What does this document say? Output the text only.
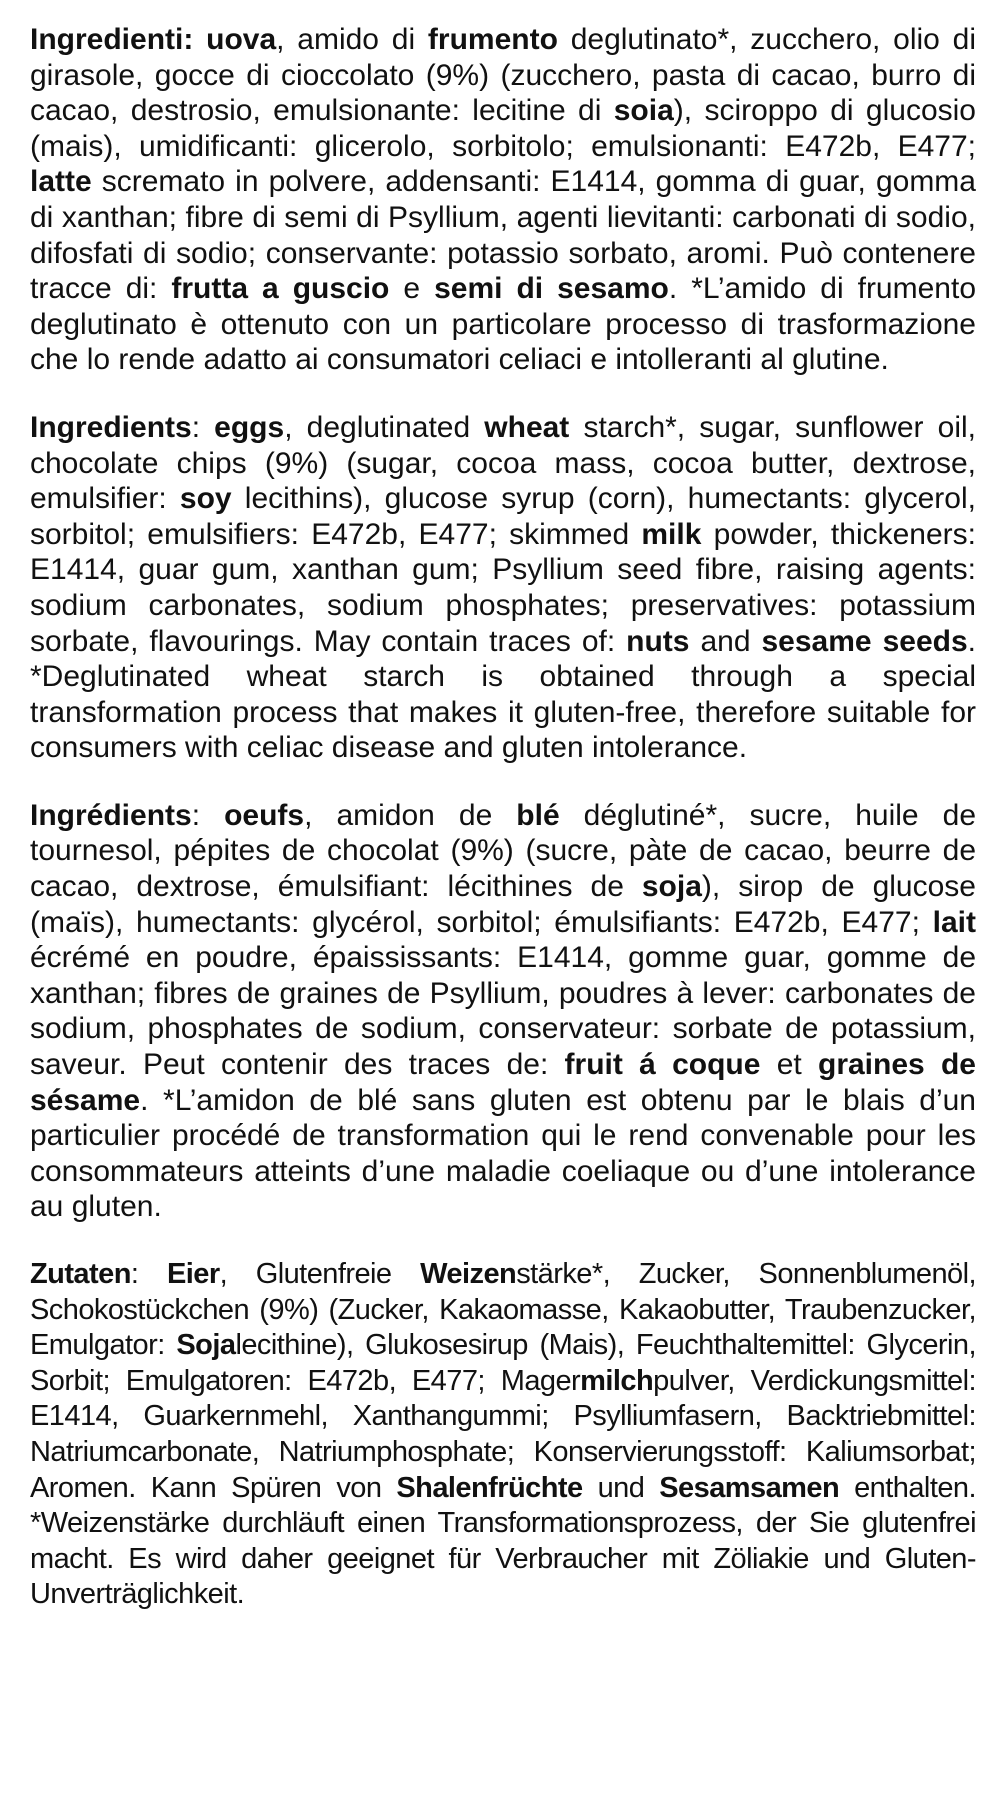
Ingredienti: uova, amido di frumento deglutinato*, zucchero, olio di girasole, gocce di cioccolato (9%) (zucchero, pasta di cacao, burro di cacao, destrosio, emulsionante: lecitine di soia), sciroppo di glucosio (mais), umidificanti: glicerolo, sorbitolo; emulsionanti: E472b, E477; latte scremato in polvere, addensanti: E1414, gomma di guar, gomma di xanthan; fibre di semi di Psyllium, agenti lievitanti: carbonati di sodio, difosfati di sodio; conservante: potassio sorbato, aromi. Può contenere tracce di: frutta a guscio e semi di sesamo. *L’amido di frumento deglutinato è ottenuto con un particolare processo di trasformazione che lo rende adatto ai consumatori celiaci e intolleranti al glutine.

Ingredients: eggs, deglutinated wheat starch*, sugar, sunflower oil, chocolate chips (9%) (sugar, cocoa mass, cocoa butter, dextrose, emulsifier: soy lecithins), glucose syrup (corn), humectants: glycerol, sorbitol; emulsifiers: E472b, E477; skimmed milk powder, thickeners: E1414, guar gum, xanthan gum; Psyllium seed fibre, raising agents: sodium carbonates, sodium phosphates; preservatives: potassium sorbate, flavourings. May contain traces of: nuts and sesame seeds. *Deglutinated wheat starch is obtained through a special transformation process that makes it gluten-free, therefore suitable for consumers with celiac disease and gluten intolerance.

Ingrédients: oeufs, amidon de blé déglutiné*, sucre, huile de tournesol, pépites de chocolat (9%) (sucre, pàte de cacao, beurre de cacao, dextrose, émulsifiant: lécithines de soja), sirop de glucose (maïs), humectants: glycérol, sorbitol; émulsifiants: E472b, E477; lait écrémé en poudre, épaississants: E1414, gomme guar, gomme de xanthan; fibres de graines de Psyllium, poudres à lever: carbonates de sodium, phosphates de sodium, conservateur: sorbate de potassium, saveur. Peut contenir des traces de: fruit á coque et graines de sésame. *L’amidon de blé sans gluten est obtenu par le blais d’un particulier procédé de transformation qui le rend convenable pour les consommateurs atteints d’une maladie coeliaque ou d’une intolerance au gluten.

Zutaten: Eier, Glutenfreie Weizenstärke*, Zucker, Sonnenblumenöl, Schokostückchen (9%) (Zucker, Kakaomasse, Kakaobutter, Traubenzucker, Emulgator: Sojalecithine), Glukosesirup (Mais), Feuchthaltemittel: Glycerin, Sorbit; Emulgatoren: E472b, E477; Magermilchpulver, Verdickungsmittel: E1414, Guarkernmehl, Xanthangummi; Psylliumfasern, Backtriebmittel: Natriumcarbonate, Natriumphosphate; Konservierungsstoff: Kaliumsorbat; Aromen. Kann Spüren von Shalenfrüchte und Sesamsamen enthalten. *Weizenstärke durchläuft einen Transformationsprozess, der Sie glutenfrei macht. Es wird daher geeignet für Verbraucher mit Zöliakie und Gluten-Unverträglichkeit.
